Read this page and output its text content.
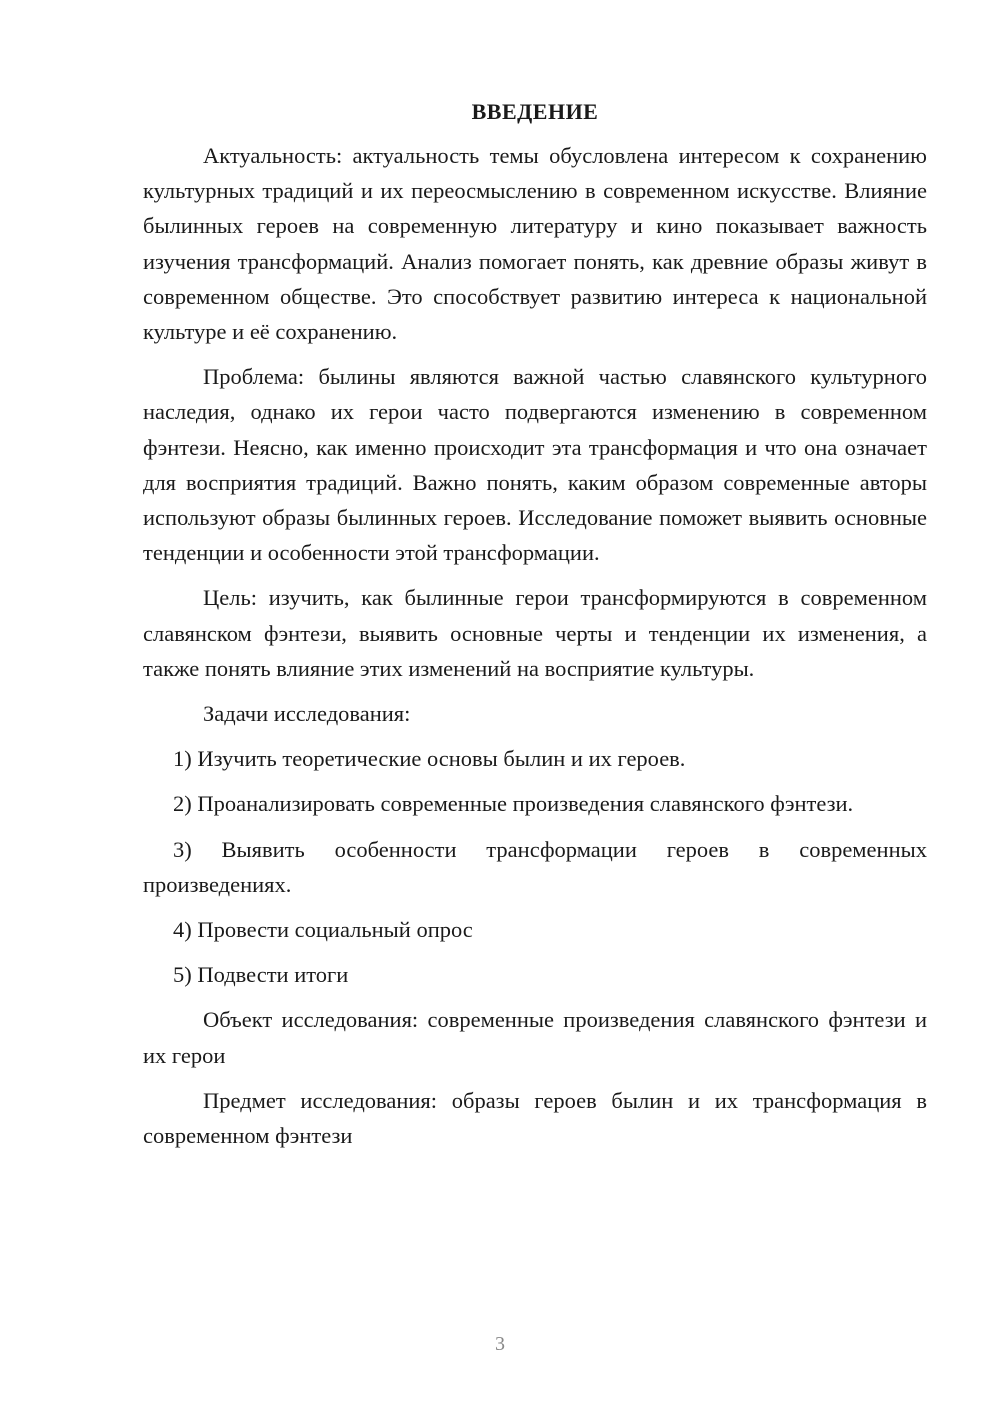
ВВЕДЕНИЕ

Актуальность: актуальность темы обусловлена интересом к сохранению культурных традиций и их переосмыслению в современном искусстве. Влияние былинных героев на современную литературу и кино показывает важность изучения трансформаций. Анализ помогает понять, как древние образы живут в современном обществе. Это способствует развитию интереса к национальной культуре и её сохранению.

Проблема: былины являются важной частью славянского культурного наследия, однако их герои часто подвергаются изменению в современном фэнтези. Неясно, как именно происходит эта трансформация и что она означает для восприятия традиций. Важно понять, каким образом современные авторы используют образы былинных героев. Исследование поможет выявить основные тенденции и особенности этой трансформации.

Цель: изучить, как былинные герои трансформируются в современном славянском фэнтези, выявить основные черты и тенденции их изменения, а также понять влияние этих изменений на восприятие культуры.

Задачи исследования:

1) Изучить теоретические основы былин и их героев.

2) Проанализировать современные произведения славянского фэнтези.

3) Выявить особенности трансформации героев в современных произведениях.

4) Провести социальный опрос

5) Подвести итоги

Объект исследования: современные произведения славянского фэнтези и их герои

Предмет исследования: образы героев былин и их трансформация в современном фэнтези

3
